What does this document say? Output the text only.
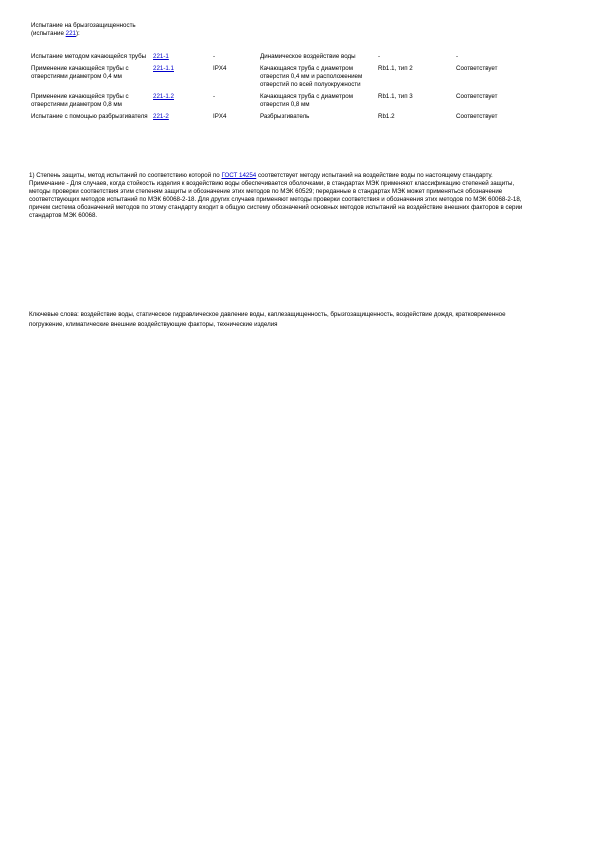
Испытание на брызгозащищенность (испытание 221):
Испытание методом качающейся трубы	221-1	-	Динамическое воздействие воды	-	-
Применение качающейся трубы с отверстиями диаметром 0,4 мм	221-1.1	IPX4	Качающаяся труба с диаметром отверстия 0,4 мм и расположением отверстий по всей полуокружности	Rb1.1, тип 2	Соответствует
Применение качающейся трубы с отверстиями диаметром 0,8 мм	221-1.2	-	Качающаяся труба с диаметром отверстия 0,8 мм	Rb1.1, тип 3	Соответствует
Испытание с помощью разбрызгивателя	221-2	IPX4	Разбрызгиватель	Rb1.2	Соответствует

1) Степень защиты, метод испытаний по соответствию которой по ГОСТ 14254 соответствует методу испытаний на воздействие воды по настоящему стандарту.

Примечание - Для случаев, когда стойкость изделия к воздействию воды обеспечивается оболочками, в стандартах МЭК применяют классификацию степеней защиты, методы проверки соответствия этим степеням защиты и обозначение этих методов по МЭК 60529; переданные в стандартах МЭК может применяться обозначение соответствующих методов испытаний по МЭК 60068-2-18. Для других случаев применяют методы проверки соответствия и обозначения этих методов по МЭК 60068-2-18, причем система обозначений методов по этому стандарту входит в общую систему обозначений основных методов испытаний на воздействие внешних факторов в серии стандартов МЭК 60068.

Ключевые слова: воздействие воды, статическое гидравлическое давление воды, каплезащищенность, брызгозащищенность, воздействие дождя, кратковременное погружение, климатические внешние воздействующие факторы, технические изделия
